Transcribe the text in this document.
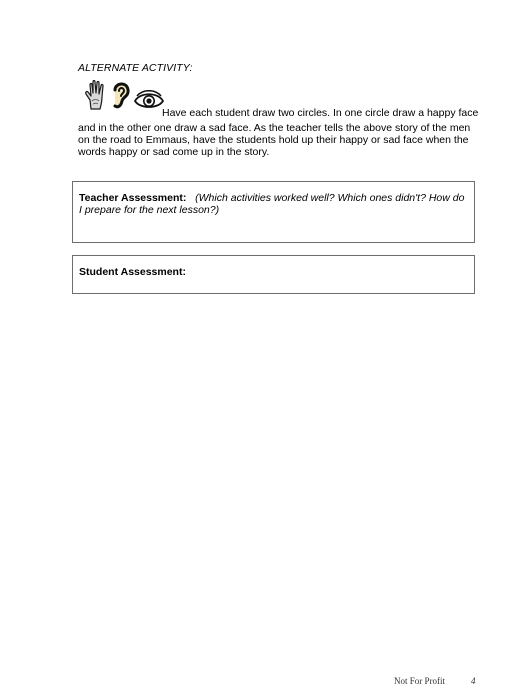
ALTERNATE ACTIVITY:
Have each student draw two circles. In one circle draw a happy face
and in the other one draw a sad face. As the teacher tells the above story of the men on the road to Emmaus, have the students hold up their happy or sad face when the words happy or sad come up in the story.
Teacher Assessment:   (Which activities worked well? Which ones didn't? How do I prepare for the next lesson?)
Student Assessment:
Not For Profit	4
